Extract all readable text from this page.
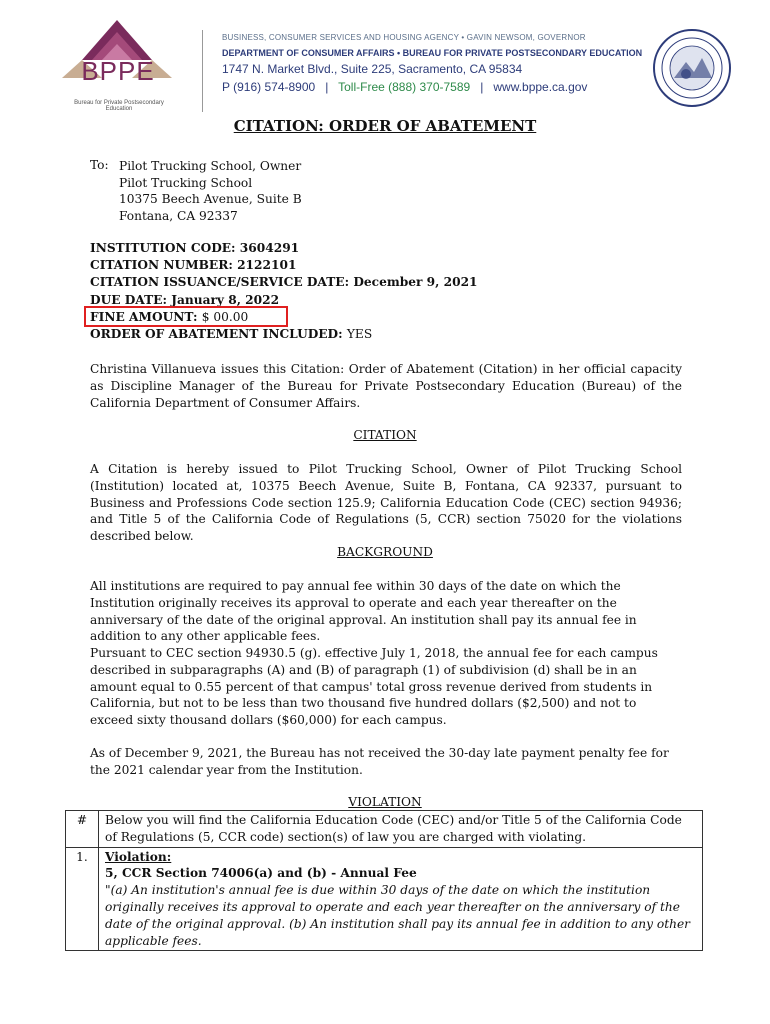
BPPE
Bureau for Private Postsecondary Education
BUSINESS, CONSUMER SERVICES AND HOUSING AGENCY • GAVIN NEWSOM, GOVERNOR
DEPARTMENT OF CONSUMER AFFAIRS • BUREAU FOR PRIVATE POSTSECONDARY EDUCATION
1747 N. Market Blvd., Suite 225, Sacramento, CA 95834
P (916) 574-8900 | Toll-Free (888) 370-7589 | www.bppe.ca.gov
CITATION: ORDER OF ABATEMENT
To: Pilot Trucking School, Owner
Pilot Trucking School
10375 Beech Avenue, Suite B
Fontana, CA 92337
INSTITUTION CODE: 3604291
CITATION NUMBER: 2122101
CITATION ISSUANCE/SERVICE DATE: December 9, 2021
DUE DATE: January 8, 2022
FINE AMOUNT: $ 00.00
ORDER OF ABATEMENT INCLUDED: YES
Christina Villanueva issues this Citation: Order of Abatement (Citation) in her official capacity as Discipline Manager of the Bureau for Private Postsecondary Education (Bureau) of the California Department of Consumer Affairs.
CITATION
A Citation is hereby issued to Pilot Trucking School, Owner of Pilot Trucking School (Institution) located at, 10375 Beech Avenue, Suite B, Fontana, CA 92337, pursuant to Business and Professions Code section 125.9; California Education Code (CEC) section 94936; and Title 5 of the California Code of Regulations (5, CCR) section 75020 for the violations described below.
BACKGROUND
All institutions are required to pay annual fee within 30 days of the date on which the Institution originally receives its approval to operate and each year thereafter on the anniversary of the date of the original approval. An institution shall pay its annual fee in addition to any other applicable fees.
Pursuant to CEC section 94930.5 (g). effective July 1, 2018, the annual fee for each campus described in subparagraphs (A) and (B) of paragraph (1) of subdivision (d) shall be in an amount equal to 0.55 percent of that campus' total gross revenue derived from students in California, but not to be less than two thousand five hundred dollars ($2,500) and not to exceed sixty thousand dollars ($60,000) for each campus.
As of December 9, 2021, the Bureau has not received the 30-day late payment penalty fee for the 2021 calendar year from the Institution.
VIOLATION
#	Below you will find the California Education Code (CEC) and/or Title 5 of the California Code of Regulations (5, CCR code) section(s) of law you are charged with violating.
1.	Violation:
5, CCR Section 74006(a) and (b) - Annual Fee
"(a) An institution's annual fee is due within 30 days of the date on which the institution originally receives its approval to operate and each year thereafter on the anniversary of the date of the original approval. (b) An institution shall pay its annual fee in addition to any other applicable fees.
